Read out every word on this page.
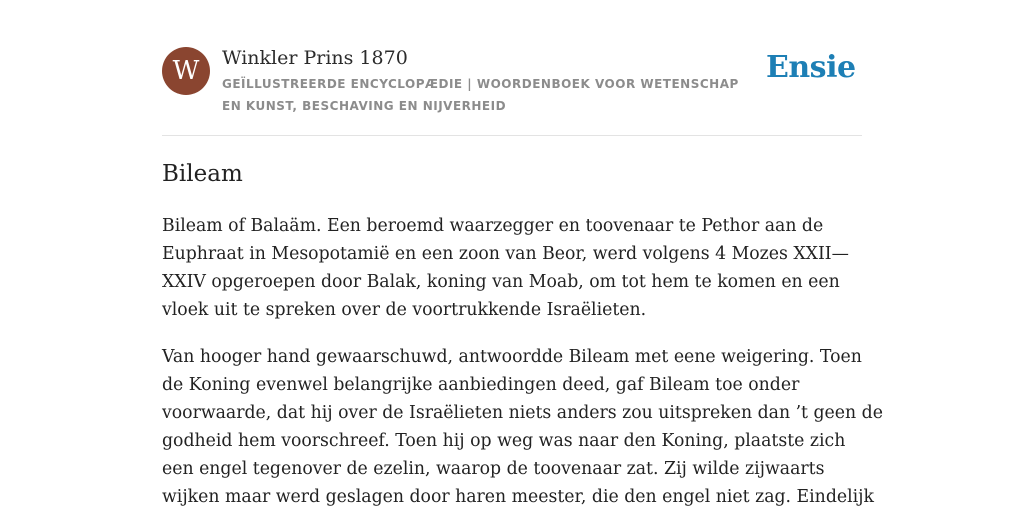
W	Winkler Prins 1870
GEÏLLUSTREERDE ENCYCLOPÆDIE | WOORDENBOEK VOOR WETENSCHAP EN KUNST, BESCHAVING EN NIJVERHEID
Ensie
Bileam

Bileam of Balaäm. Een beroemd waarzegger en toovenaar te Pethor aan de
Euphraat in Mesopotamië en een zoon van Beor, werd volgens 4 Mozes XXII—
XXIV opgeroepen door Balak, koning van Moab, om tot hem te komen en een
vloek uit te spreken over de voortrukkende Israëlieten.

Van hooger hand gewaarschuwd, antwoordde Bileam met eene weigering. Toen
de Koning evenwel belangrijke aanbiedingen deed, gaf Bileam toe onder
voorwaarde, dat hij over de Israëlieten niets anders zou uitspreken dan ’t geen de
godheid hem voorschreef. Toen hij op weg was naar den Koning, plaatste zich
een engel tegenover de ezelin, waarop de toovenaar zat. Zij wilde zijwaarts
wijken maar werd geslagen door haren meester, die den engel niet zag. Eindelijk
